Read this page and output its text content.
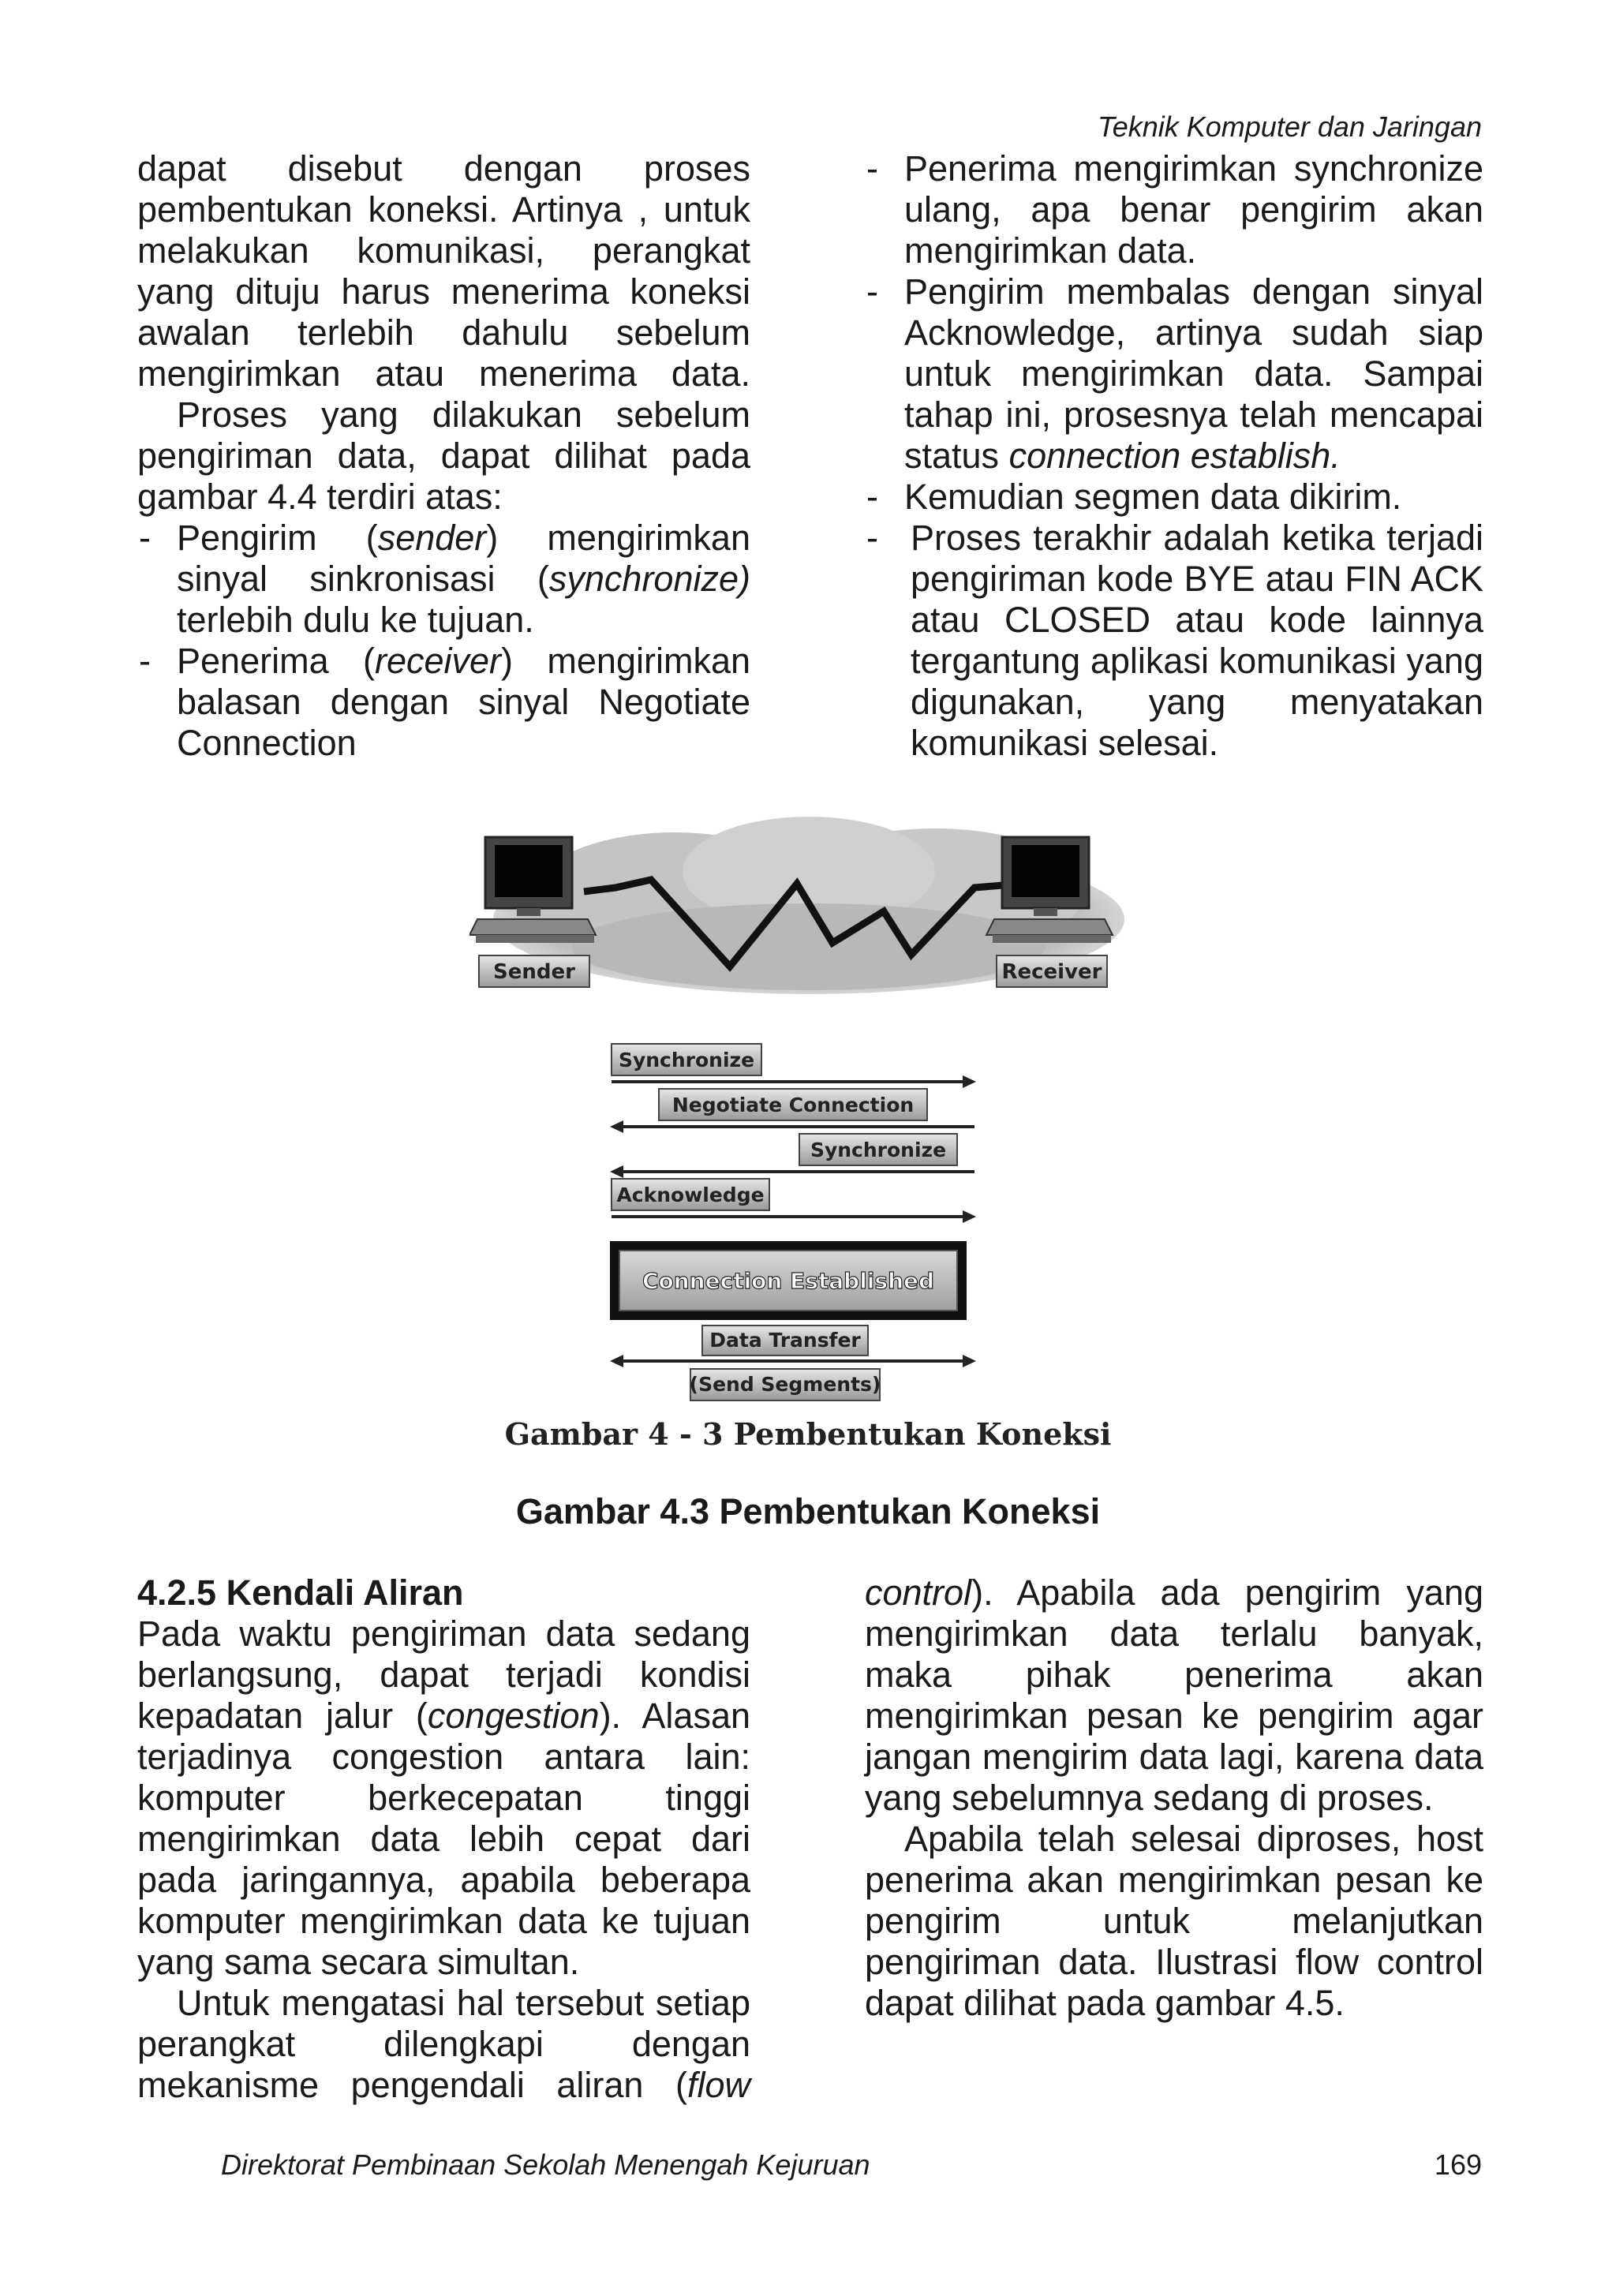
Teknik Komputer dan Jaringan

dapat disebut dengan proses pembentukan koneksi. Artinya , untuk melakukan komunikasi, perangkat yang dituju harus menerima koneksi awalan terlebih dahulu sebelum mengirimkan atau menerima data.

Proses yang dilakukan sebelum pengiriman data, dapat dilihat pada gambar 4.4 terdiri atas:

- Pengirim (sender) mengirimkan sinyal sinkronisasi (synchronize) terlebih dulu ke tujuan.
- Penerima (receiver) mengirimkan balasan dengan sinyal Negotiate Connection
- Penerima mengirimkan synchronize ulang, apa benar pengirim akan mengirimkan data.
- Pengirim membalas dengan sinyal Acknowledge, artinya sudah siap untuk mengirimkan data. Sampai tahap ini, prosesnya telah mencapai status connection establish.
- Kemudian segmen data dikirim.
- Proses terakhir adalah ketika terjadi pengiriman kode BYE atau FIN ACK atau CLOSED atau kode lainnya tergantung aplikasi komunikasi yang digunakan, yang menyatakan komunikasi selesai.
Sender	Receiver
Synchronize
Negotiate Connection
Synchronize
Acknowledge
Connection Established
Data Transfer
(Send Segments)
Gambar 4 - 3 Pembentukan Koneksi
Gambar 4.3 Pembentukan Koneksi
4.2.5 Kendali Aliran

Pada waktu pengiriman data sedang berlangsung, dapat terjadi kondisi kepadatan jalur (congestion). Alasan terjadinya congestion antara lain: komputer berkecepatan tinggi mengirimkan data lebih cepat dari pada jaringannya, apabila beberapa komputer mengirimkan data ke tujuan yang sama secara simultan.

Untuk mengatasi hal tersebut setiap perangkat dilengkapi dengan mekanisme pengendali aliran (flow

control). Apabila ada pengirim yang mengirimkan data terlalu banyak, maka pihak penerima akan mengirimkan pesan ke pengirim agar jangan mengirim data lagi, karena data yang sebelumnya sedang di proses.

Apabila telah selesai diproses, host penerima akan mengirimkan pesan ke pengirim untuk melanjutkan pengiriman data. Ilustrasi flow control dapat dilihat pada gambar 4.5.

Direktorat Pembinaan Sekolah Menengah Kejuruan	169
